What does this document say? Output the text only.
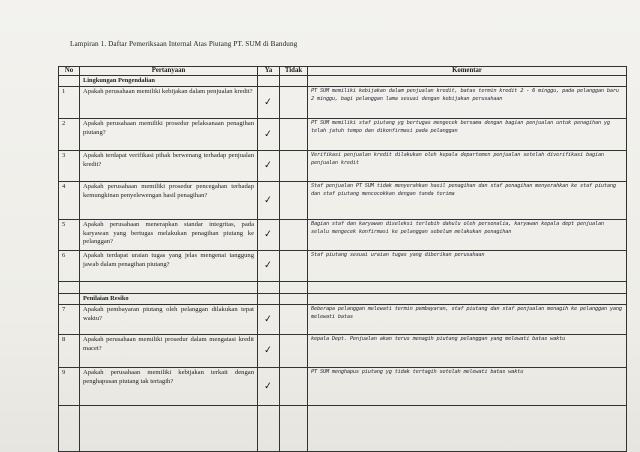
Lampiran 1. Daftar Pemeriksaan Internal Atas Piutang PT. SUM di Bandung
No	Pertanyaan	Ya	Tidak	Komentar
	Lingkungan Pengendalian			
1	Apakah perusahaan memiliki kebijakan dalam penjualan kredit?	✓		PT SUM memiliki kebijakan dalam penjualan kredit, batas termin kredit 2 - 6 minggu, pada pelanggan baru 2 minggu, bagi pelanggan lama sesuai dengan kebijakan perusahaan
2	Apakah perusahaan memiliki prosedur pelaksanaan penagihan piutang?	✓		PT SUM memiliki staf piutang yg bertugas mengecek bersama dengan bagian penjualan untuk penagihan yg telah jatuh tempo dan dikonfirmasi pada pelanggan
3	Apakah terdapat verifikasi pihak berwenang terhadap penjualan kredit?	✓		Verifikasi penjualan kredit dilakukan oleh kepala departemen penjualan setelah diverifikasi bagian penjualan kredit
4	Apakah perusahaan memiliki prosedur pencegahan terhadap kemungkinan penyelewengan hasil penagihan?	✓		Staf penjualan PT SUM tidak menyerahkan hasil penagihan dan staf penagihan menyerahkan ke staf piutang dan staf piutang mencocokkan dengan tanda terima
5	Apakah perusahaan menerapkan standar integritas, pada karyawan yang bertugas melakukan penagihan piutang ke pelanggan?	✓		Bagian staf dan karyawan diseleksi terlebih dahulu oleh personalia, karyawan kepala dept penjualan selalu mengecek konfirmasi ke pelanggan sebelum melakukan penagihan
6	Apakah terdapat uraian tugas yang jelas mengenai tanggung jawab dalam penagihan piutang?	✓		Staf piutang sesuai uraian tugas yang diberikan perusahaan

	Penilaian Resiko			
7	Apakah pembayaran piutang oleh pelanggan dilakukan tepat waktu?	✓		Beberapa pelanggan melewati termin pembayaran, staf piutang dan staf penjualan menagih ke pelanggan yang melewati batas
8	Apakah perusahaan memiliki prosedur dalam mengatasi kredit macet?	✓		kepala Dept. Penjualan akan terus menagih piutang pelanggan yang melewati batas waktu
9	Apakah perusahaan memiliki kebijakan terkait dengan penghapusan piutang tak tertagih?	✓		PT SUM menghapus piutang yg tidak tertagih setelah melewati batas waktu
